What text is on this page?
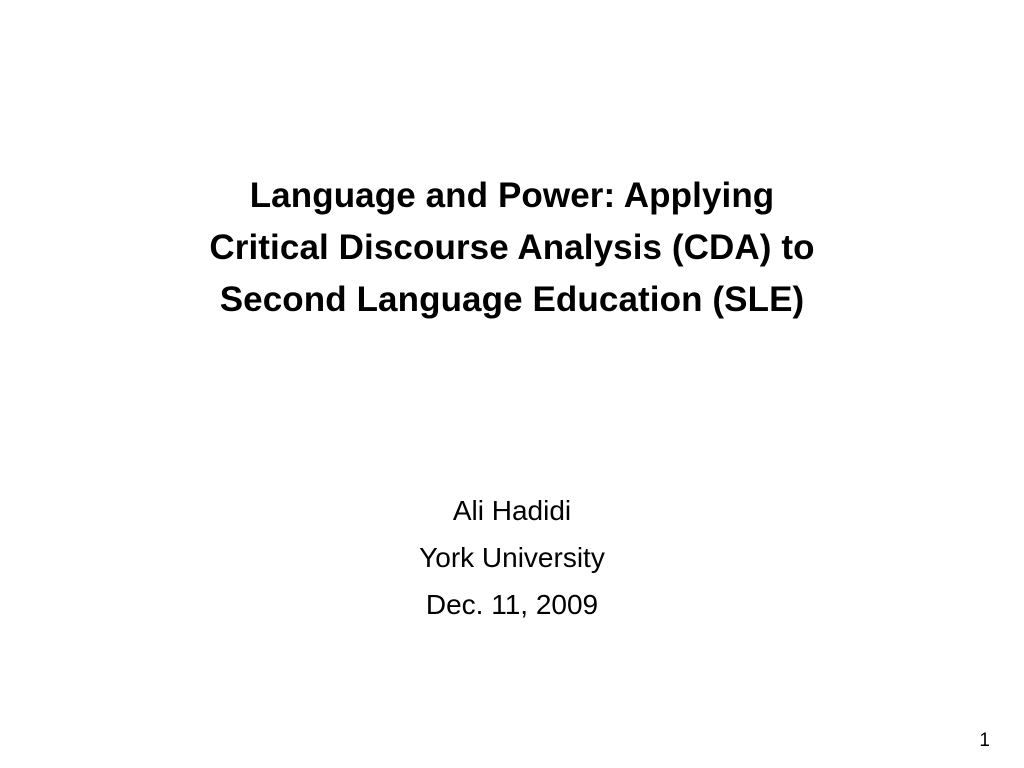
Language and Power: Applying
Critical Discourse Analysis (CDA) to
Second Language Education (SLE)
Ali Hadidi
York University
Dec. 11, 2009
1
